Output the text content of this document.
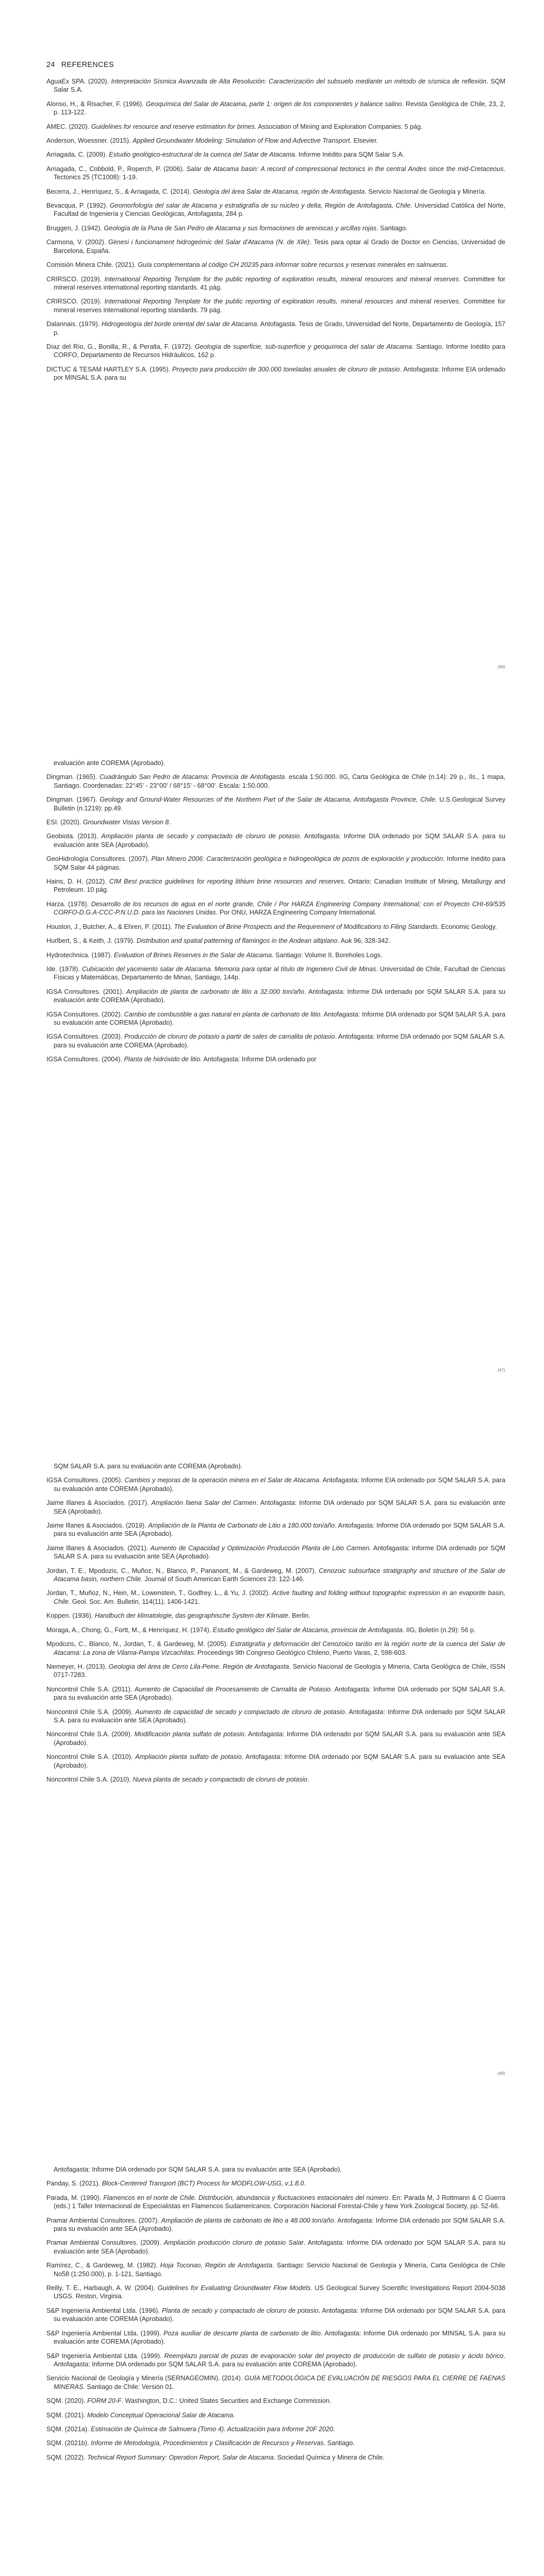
24 REFERENCES

AguaEx SPA. (2020). Interpretación Sísmica Avanzada de Alta Resolución: Caracterización del subsuelo mediante un método de sísmica de reflexión. SQM Salar S.A.

Alonso, H., & Risacher, F. (1996). Geoquímica del Salar de Atacama, parte 1: origen de los componentes y balance salino. Revista Geológica de Chile, 23, 2, p. 113-122.

AMEC. (2020). Guidelines for resource and reserve estimation for brines. Association of Mining and Exploration Companies. 5 pág.

Anderson, Woessner. (2015). Applied Groundwater Modeling: Simulation of Flow and Advective Transport. Elsevier.

Arriagada, C. (2009). Estudio geológico-estructural de la cuenca del Salar de Atacama. Informe Inédito para SQM Salar S.A.

Arriagada, C., Cobbold, P., Roperch, P. (2006). Salar de Atacama basin: A record of compressional tectonics in the central Andes since the mid-Cretaceous. Tectonics 25 (TC1008): 1-19.

Becerra, J., Henríquez, S., & Arriagada, C. (2014). Geología del área Salar de Atacama, región de Antofagasta. Servicio Nacional de Geología y Minería.

Bevacqua, P. (1992). Geomorfología del salar de Atacama y estratigrafía de su núcleo y delta, Región de Antofagasta, Chile. Universidad Católica del Norte, Facultad de Ingeniería y Ciencias Geológicas, Antofagasta, 284 p.

Bruggen, J. (1942). Geología de la Puna de San Pedro de Atacama y sus formaciones de areniscas y arcillas rojas. Santiago.

Carmona, V. (2002). Gènesi i funcionament hidrogeòmic del Salar d'Atacama (N. de Xile). Tesis para optar al Grado de Doctor en Ciencias, Universidad de Barcelona, España.

Comisión Minera Chile. (2021). Guía complementaria al código CH 20235 para informar sobre recursos y reservas minerales en salmueras.

CRIRSCO. (2019). International Reporting Template for the public reporting of exploration results, mineral resources and mineral reserves. Committee for mineral reserves international reporting standards. 41 pág.

CRIRSCO. (2019). International Reporting Template for the public reporting of exploration results, mineral resources and mineral reserves. Committee for mineral reserves international reporting standards. 79 pág.

Dalannais. (1979). Hidrogeología del borde oriental del salar de Atacama. Antofagasta. Tesis de Grado, Universidad del Norte, Departamento de Geología, 157 p.

Díaz del Río, G., Bonilla, R., & Peralta, F. (1972). Geología de superficie, sub-superficie y geoquímica del salar de Atacama. Santiago. Informe Inédito para CORFO, Departamento de Recursos Hidráulicos, 162 p.

DICTUC & TESAM HARTLEY S.A. (1995). Proyecto para producción de 300.000 toneladas anuales de cloruro de potasio. Antofagasta: Informe EIA ordenado por MINSAL S.A. para su

(46)

evaluación ante COREMA (Aprobado).

Dingman. (1965). Cuadrángulo San Pedro de Atacama: Provincia de Antofagasta. escala 1:50.000. IIG, Carta Geológica de Chile (n.14): 29 p., Ils., 1 mapa, Santiago. Coordenadas: 22°45' - 23°00' / 68°15' - 68°00'. Escala: 1:50.000.

Dingman. (1967). Geology and Ground-Water Resources of the Northern Part of the Salar de Atacama, Antofagasta Province, Chile. U.S.Geological Survey Bulletin (n.1219): pp.49.

ESI. (2020). Groundwater Vistas Version 8.

Geobiota. (2013). Ampliación planta de secado y compactado de cloruro de potasio. Antofagasta: Informe DIA ordenado por SQM SALAR S.A. para su evaluación ante SEA (Aprobado).

GeoHidrología Consultores. (2007). Plan Minero 2006: Caracterización geológica e hidrogeológica de pozos de exploración y producción. Informe Inédito para SQM Salar 44 páginas.

Hains, D. H. (2012). CIM Best practice guidelines for reporting lithium brine resources and reserves. Ontario: Canadian Institute of Mining, Metallurgy and Petroleum. 10 pág.

Harza. (1978). Desarrollo de los recursos de agua en el norte grande, Chile / Por HARZA Engineering Company International; con el Proyecto CHI-69/535 CORFO-D.G.A-CCC-P.N.U.D. para las Naciones Unidas. Por ONU, HARZA Engineering Company International.

Houston, J., Butcher, A., & Ehren, P. (2011). The Evaluation of Brine Prospects and the Requirement of Modifications to Filing Standards. Economic Geology.

Hurlbert, S., & Keith, J. (1979). Distribution and spatial patterning of flamingos in the Andean altiplano. Auk 96, 328-342.

Hydrotechnica. (1987). Evaluation of Brines Reserves in the Salar de Atacama. Santiago: Volume II, Boreholes Logs.

Ide. (1978). Cubicación del yacimiento salar de Atacama. Memoria para optar al título de Ingeniero Civil de Minas. Universidad de Chile, Facultad de Ciencias Físicas y Matemáticas, Departamento de Minas, Santiago, 144p.

IGSA Consultores. (2001). Ampliación de planta de carbonato de litio a 32.000 ton/año. Antofagasta: Informe DIA ordenado por SQM SALAR S.A. para su evaluación ante COREMA (Aprobado).

IGSA Consultores. (2002). Cambio de combustible a gas natural en planta de carbonato de litio. Antofagasta: Informe DIA ordenado por SQM SALAR S.A. para su evaluación ante COREMA (Aprobado).

IGSA Consultores. (2003). Producción de cloruro de potasio a partir de sales de carnalita de potasio. Antofagasta: Informe DIA ordenado por SQM SALAR S.A. para su evaluación ante COREMA (Aprobado).

IGSA Consultores. (2004). Planta de hidróxido de litio. Antofagasta: Informe DIA ordenado por

(47)

SQM SALAR S.A. para su evaluación ante COREMA (Aprobado).

IGSA Consultores. (2005). Cambios y mejoras de la operación minera en el Salar de Atacama. Antofagasta: Informe EIA ordenado por SQM SALAR S.A. para su evaluación ante COREMA (Aprobado).

Jaime Illanes & Asociados. (2017). Ampliación faena Salar del Carmen. Antofagasta: Informe DIA ordenado por SQM SALAR S.A. para su evaluación ante SEA (Aprobado).

Jaime Illanes & Asociados. (2019). Ampliación de la Planta de Carbonato de Litio a 180.000 ton/año. Antofagasta: Informe DIA ordenado por SQM SALAR S.A. para su evaluación ante SEA (Aprobado).

Jaime Illanes & Asociados. (2021). Aumento de Capacidad y Optimización Producción Planta de Litio Carmen. Antofagasta: Informe DIA ordenado por SQM SALAR S.A. para su evaluación ante SEA (Aprobado).

Jordan, T. E., Mpodozis, C., Muñoz, N., Blanco, P., Pananont, M., & Gardeweg, M. (2007). Cenozoic subsurface stratigraphy and structure of the Salar de Atacama basin, northern Chile. Journal of South American Earth Sciences 23: 122-146.

Jordan, T., Muñoz, N., Hein, M., Lowenstein, T., Godfrey, L., & Yu, J. (2002). Active faulting and folding without topographic expression in an evaporite basin, Chile. Geol. Soc. Am. Bulletin, 114(11), 1406-1421.

Koppen. (1936). Handbuch der klimatologie, das geographische System der Klimate. Berlin.

Moraga, A., Chong, G., Fortt, M., & Henríquez, H. (1974). Estudio geológico del Salar de Atacama, provincia de Antofagasta. IIG, Boletín (n.29): 56 p.

Mpodozis, C., Blanco, N., Jordan, T., & Gardeweg, M. (2005). Estratigrafía y deformación del Cenozoico tardío en la región norte de la cuenca del Salar de Atacama: La zona de Vilama-Pampa Vizcachitas. Proceedings 9th Congreso Geológico Chileno, Puerto Varas, 2, 598-603.

Niemeyer, H. (2013). Geología del área de Cerro Lila-Peine. Región de Antofagasta. Servicio Nacional de Geología y Minería, Carta Geológica de Chile, ISSN 0717-7283.

Noncontrol Chile S.A. (2011). Aumento de Capacidad de Procesamiento de Carnalita de Potasio. Antofagasta: Informe DIA ordenado por SQM SALAR S.A. para su evaluación ante SEA (Aprobado).

Noncontrol Chile S.A. (2009). Aumento de capacidad de secado y compactado de cloruro de potasio. Antofagasta: Informe DIA ordenado por SQM SALAR S.A. para su evaluación ante SEA (Aprobado).

Noncontrol Chile S.A. (2009). Modificación planta sulfato de potasio. Antofagasta: Informe DIA ordenado por SQM SALAR S.A. para su evaluación ante SEA (Aprobado).

Noncontrol Chile S.A. (2010). Ampliación planta sulfato de potasio. Antofagasta: Informe DIA ordenado por SQM SALAR S.A. para su evaluación ante SEA (Aprobado).

Noncontrol Chile S.A. (2010). Nueva planta de secado y compactado de cloruro de potasio.

(48)

Antofagasta: Informe DIA ordenado por SQM SALAR S.A. para su evaluación ante SEA (Aprobado).

Panday, S. (2021). Block-Centered Transport (BCT) Process for MODFLOW-USG, v.1.8.0.

Parada, M. (1990). Flamencos en el norte de Chile. Distribución, abundancia y fluctuaciones estacionales del número. En: Parada M, J Rottmann & C Guerra (eds.) 1 Taller Internacional de Especialistas en Flamencos Sudamericanos. Corporación Nacional Forestal-Chile y New York Zoological Society, pp. 52-66.

Pramar Ambiental Consultores. (2007). Ampliación de planta de carbonato de litio a 48.000 ton/año. Antofagasta: Informe DIA ordenado por SQM SALAR S.A. para su evaluación ante SEA (Aprobado).

Pramar Ambiental Consultores. (2009). Ampliación producción cloruro de potasio Salar. Antofagasta: Informe DIA ordenado por SQM SALAR S.A. para su evaluación ante SEA (Aprobado).

Ramírez, C., & Gardeweg, M. (1982). Hoja Toconao, Región de Antofagasta. Santiago: Servicio Nacional de Geología y Minería, Carta Geológica de Chile No58 (1:250.000), p. 1-121, Santiago.

Reilly, T. E., Harbaugh, A. W. (2004). Guidelines for Evaluating Groundwater Flow Models. US Geological Survey Scientific Investigations Report 2004-5038 USGS. Reston, Virginia.

S&P Ingeniería Ambiental Ltda. (1996). Planta de secado y compactado de cloruro de potasio. Antofagasta: Informe DIA ordenado por SQM SALAR S.A. para su evaluación ante COREMA (Aprobado).

S&P Ingeniería Ambiental Ltda. (1999). Poza auxiliar de descarte planta de carbonato de litio. Antofagasta: Informe DIA ordenado por MINSAL S.A. para su evaluación ante COREMA (Aprobado).

S&P Ingeniería Ambiental Ltda. (1999). Reemplazo parcial de pozas de evaporación solar del proyecto de producción de sulfato de potasio y ácido bórico. Antofagasta: Informe DIA ordenado por SQM SALAR S.A. para su evaluación ante COREMA (Aprobado).

Servicio Nacional de Geología y Minería (SERNAGEOMIN). (2014). GUÍA METODOLÓGICA DE EVALUACIÓN DE RIESGOS PARA EL CIERRE DE FAENAS MINERAS. Santiago de Chile: Versión 01.

SQM. (2020). FORM 20-F. Washington, D.C.: United States Securities and Exchange Commission.

SQM. (2021). Modelo Conceptual Operacional Salar de Atacama.

SQM. (2021a). Estimación de Química de Salmuera (Tomo 4). Actualización para Informe 20F 2020.

SQM. (2021b). Informe de Metodología, Procedimientos y Clasificación de Recursos y Reservas. Santiago.

SQM. (2022). Technical Report Summary: Operation Report, Salar de Atacama. Sociedad Química y Minera de Chile.
